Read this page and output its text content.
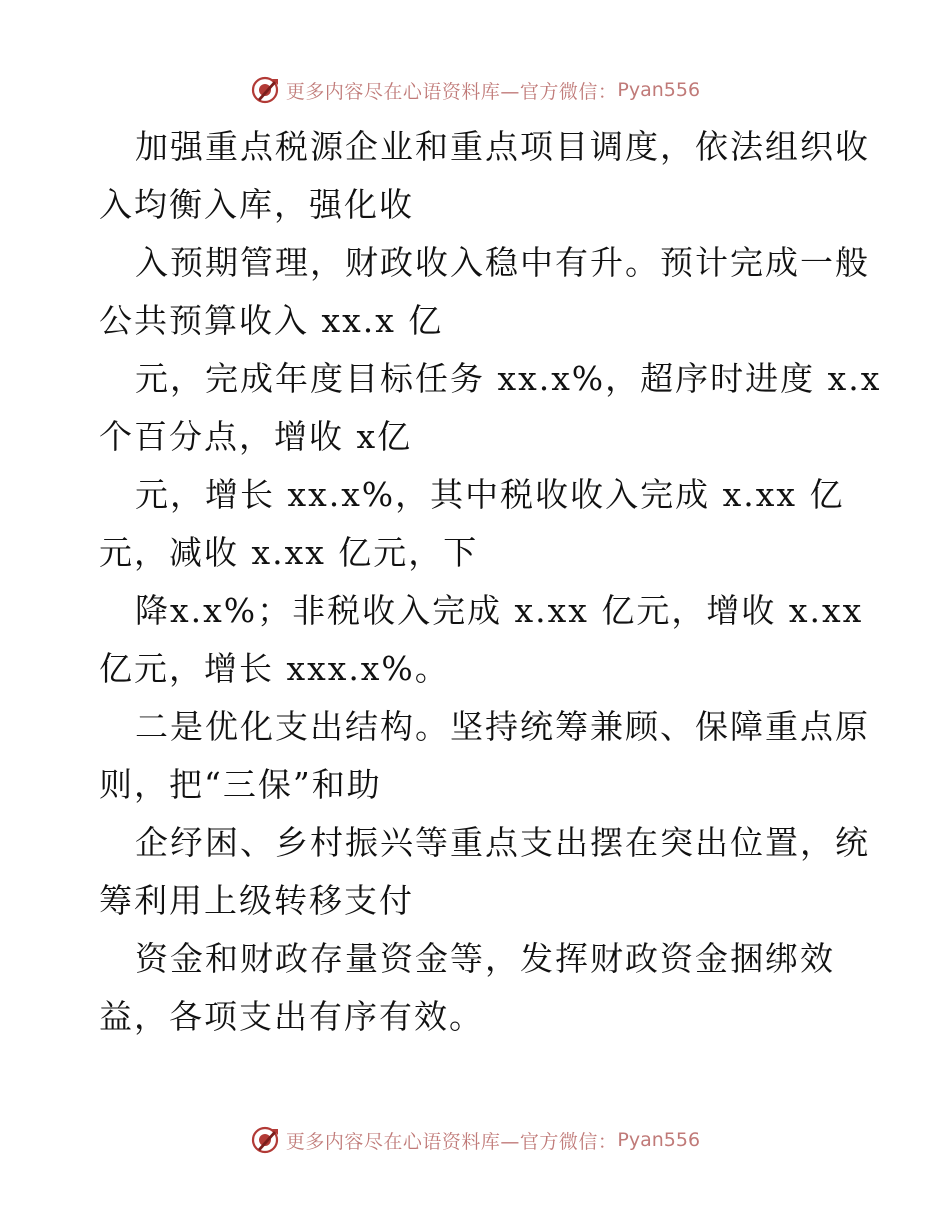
更多内容尽在心语资料库—官方微信： Pyan556

加强重点税源企业和重点项目调度，依法组织收
入均衡入库，强化收

入预期管理，财政收入稳中有升。预计完成一般
公共预算收入 xx.x 亿

元，完成年度目标任务 xx.x%，超序时进度 x.x
个百分点，增收 x亿

元，增长 xx.x%，其中税收收入完成 x.xx 亿
元，减收 x.xx 亿元，下

降x.x%；非税收入完成 x.xx 亿元，增收 x.xx
亿元，增长 xxx.x%。

二是优化支出结构。坚持统筹兼顾、保障重点原
则，把“三保”和助

企纾困、乡村振兴等重点支出摆在突出位置，统
筹利用上级转移支付

资金和财政存量资金等，发挥财政资金捆绑效
益，各项支出有序有效。

更多内容尽在心语资料库—官方微信： Pyan556
